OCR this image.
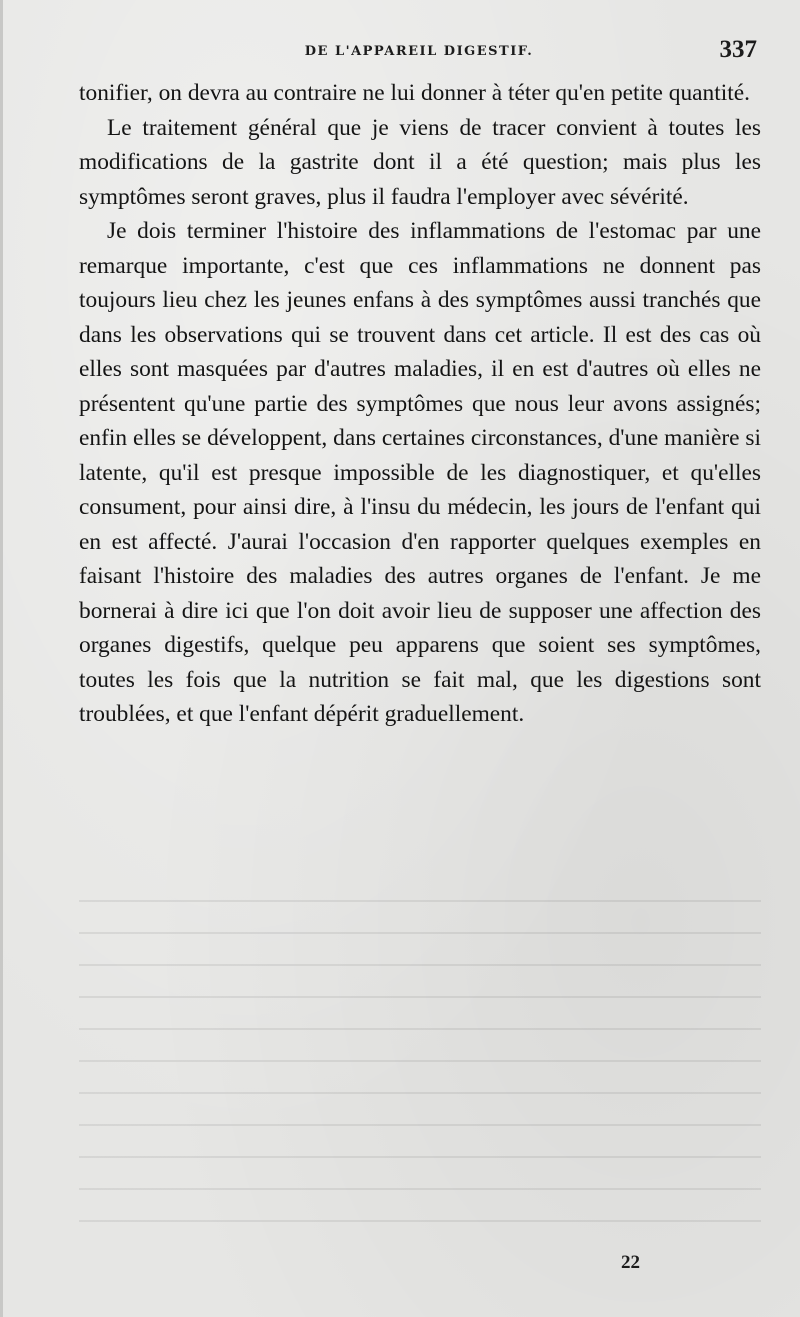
DE L'APPAREIL DIGESTIF.	337

tonifier, on devra au contraire ne lui donner à téter qu'en petite quantité.

Le traitement général que je viens de tracer convient à toutes les modifications de la gastrite dont il a été question; mais plus les symptômes seront graves, plus il faudra l'employer avec sévérité.

Je dois terminer l'histoire des inflammations de l'estomac par une remarque importante, c'est que ces inflammations ne donnent pas toujours lieu chez les jeunes enfans à des symptômes aussi tranchés que dans les observations qui se trouvent dans cet article. Il est des cas où elles sont masquées par d'autres maladies, il en est d'autres où elles ne présentent qu'une partie des symptômes que nous leur avons assignés; enfin elles se développent, dans certaines circonstances, d'une manière si latente, qu'il est presque impossible de les diagnostiquer, et qu'elles consument, pour ainsi dire, à l'insu du médecin, les jours de l'enfant qui en est affecté. J'aurai l'occasion d'en rapporter quelques exemples en faisant l'histoire des maladies des autres organes de l'enfant. Je me bornerai à dire ici que l'on doit avoir lieu de supposer une affection des organes digestifs, quelque peu apparens que soient ses symptômes, toutes les fois que la nutrition se fait mal, que les digestions sont troublées, et que l'enfant dépérit graduellement.

22
